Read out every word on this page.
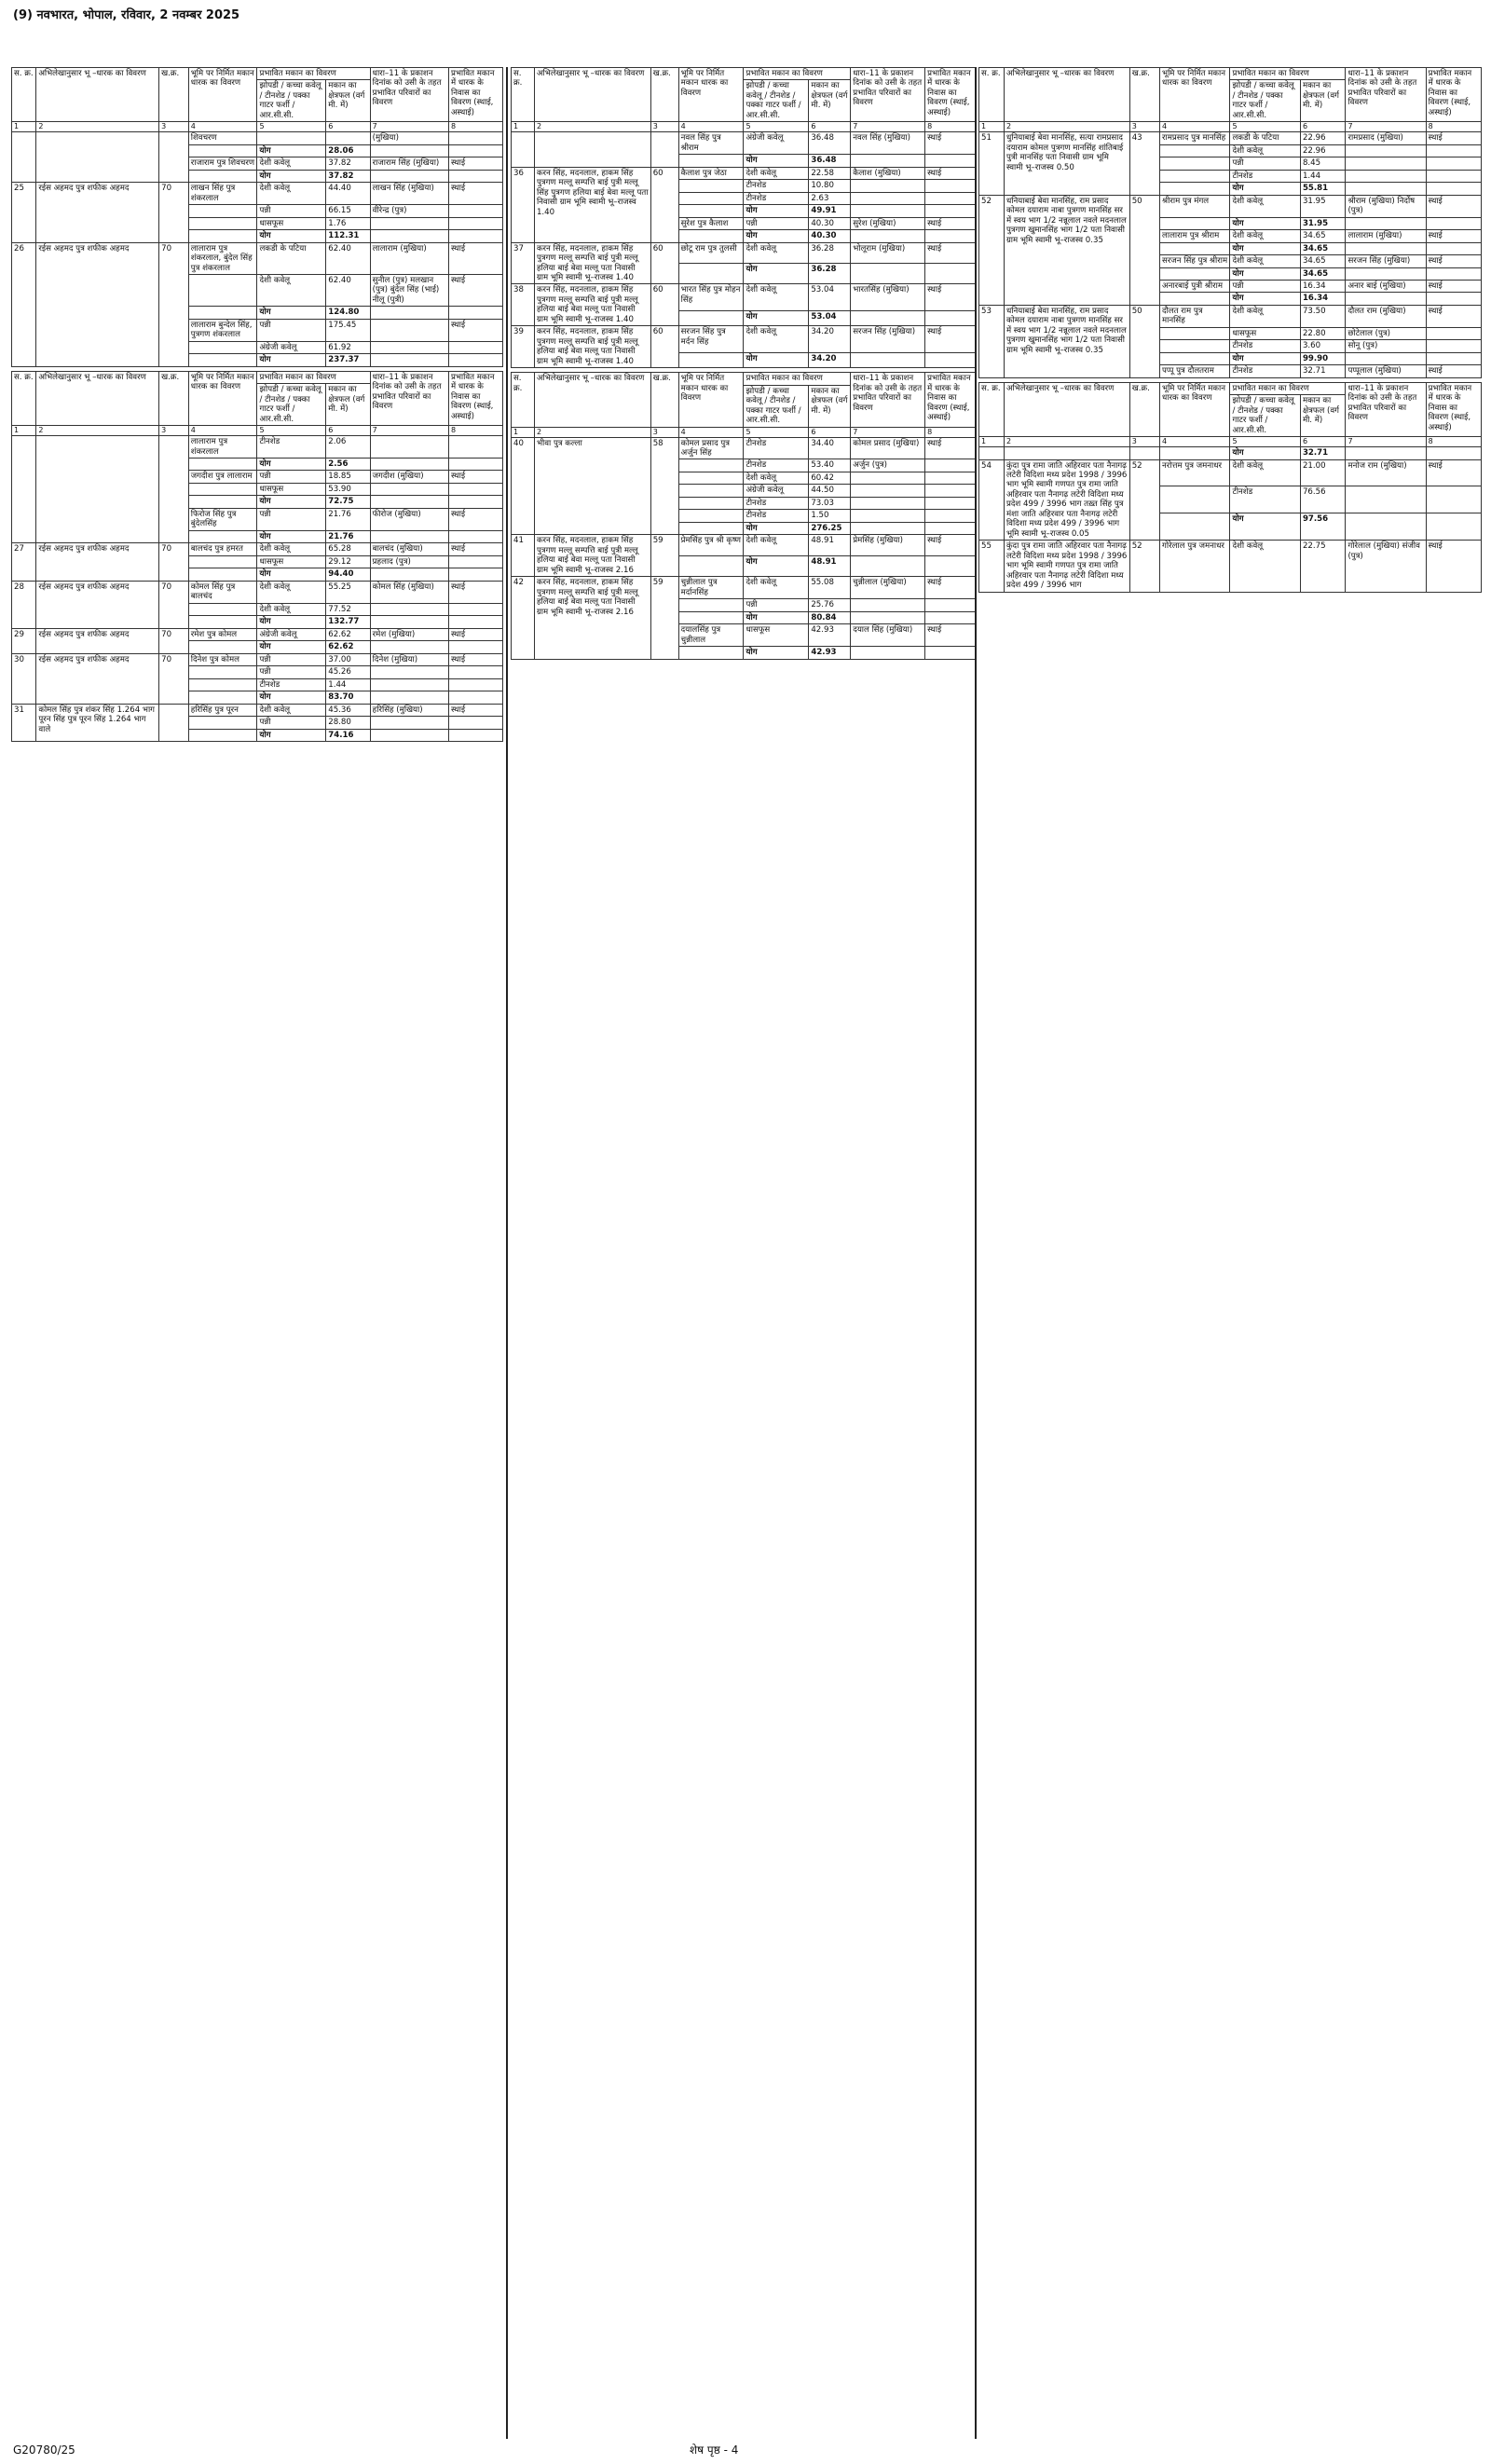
(9) नवभारत, भोपाल, रविवार, 2 नवम्बर 2025
स. क्र.	अभिलेखानुसार भू –धारक का विवरण	ख.क्र.	भूमि पर निर्मित मकान धारक का विवरण	प्रभावित मकान का विवरण		धारा–11 के प्रकाशन दिनांक को उसी के तहत प्रभावित परिवारों का विवरण	प्रभावित मकान में धारक के निवास का विवरण (स्थाई, अस्थाई)
				झोपडी / कच्चा कवेलू / टीनशेड / पक्का गाटर फर्शी / आर.सी.सी.	मकान का क्षेत्रफल (वर्ग मी. में)		
1	2	3	4	5	6	7	8
			शिवचरण			(मुखिया)	
				योग	28.06		
			राजाराम पुत्र शिवचरण	देशी कवेलू	37.82	राजाराम सिंह (मुखिया)	स्थाई
				योग	37.82		
25	रईस अहमद पुत्र शफीक अहमद	70	लाखन सिंह पुत्र शंकरलाल	देशी कवेलू	44.40	लाखन सिंह (मुखिया)	स्थाई
				पन्नी	66.15	वीरेन्द्र (पुत्र)	
				धासफूस	1.76		
				योग	112.31		
26	रईस अहमद पुत्र शफीक अहमद	70	लालाराम पुत्र शंकरलाल, बुंदेल सिंह पुत्र शंकरलाल	लकडी के पटिया	62.40	लालाराम (मुखिया)	स्थाई
				देशी कवेलू	62.40	सुनील (पुत्र) मलखान (पुत्र) बुंदेल सिंह (भाई) नीलू (पुत्री)	स्थाई
				योग	124.80		
			लालाराम बुन्देल सिंह, पुत्रगण शंकरलाल	पन्नी	175.45		स्थाई
				अंग्रेजी कवेलू	61.92		
				योग	237.37		
स. क्र.	अभिलेखानुसार भू –धारक का विवरण	ख.क्र.	भूमि पर निर्मित मकान धारक का विवरण	प्रभावित मकान का विवरण		धारा–11 के प्रकाशन दिनांक को उसी के तहत प्रभावित परिवारों का विवरण	प्रभावित मकान में धारक के निवास का विवरण (स्थाई, अस्थाई)
				झोपडी / कच्चा कवेलू / टीनशेड / पक्का गाटर फर्शी / आर.सी.सी.	मकान का क्षेत्रफल (वर्ग मी. में)		
1	2	3	4	5	6	7	8
			लालाराम पुत्र शंकरलाल	टीनशेड	2.06		
				योग	2.56		
			जगदीश पुत्र लालाराम	पन्नी	18.85	जगदीश (मुखिया)	स्थाई
				धासफूस	53.90		
				योग	72.75		
			फिरोज सिंह पुत्र बुंदेलसिंह	पन्नी	21.76	फीरोज (मुखिया)	स्थाई
				योग	21.76		
27	रईस अहमद पुत्र शफीक अहमद	70	बालचंद पुत्र हमरत	देशी कवेलू	65.28	बालचंद (मुखिया)	स्थाई
				धासफूस	29.12	प्रहलाद (पुत्र)	
				योग	94.40		
28	रईस अहमद पुत्र शफीक अहमद	70	कोमल सिंह पुत्र बालचंद	देशी कवेलू	55.25	कोमल सिंह (मुखिया)	स्थाई
				देशी कवेलू	77.52		
				योग	132.77		
29	रईस अहमद पुत्र शफीक अहमद	70	रमेश पुत्र कोमल	अंग्रेजी कवेलू	62.62	रमेश (मुखिया)	स्थाई
				योग	62.62		
30	रईस अहमद पुत्र शफीक अहमद	70	दिनेश पुत्र कोमल	पन्नी	37.00	दिनेश (मुखिया)	स्थाई
				पन्नी	45.26		
				टीनशेड	1.44		
				योग	83.70		
31	कोमल सिंह पुत्र शंकर सिंह 1.264 भाग पूरन सिंह पुत्र पूरन सिंह 1.264 भाग वाले		हरिसिंह पुत्र पूरन	देशी कवेलू	45.36	हरिसिंह (मुखिया)	स्थाई
				पन्नी	28.80		
				योग	74.16		
स. क्र.	अभिलेखानुसार भू –धारक का विवरण	ख.क्र.	भूमि पर निर्मित मकान धारक का विवरण	प्रभावित मकान का विवरण		धारा–11 के प्रकाशन दिनांक को उसी के तहत प्रभावित परिवारों का विवरण	प्रभावित मकान में धारक के निवास का विवरण (स्थाई, अस्थाई)
				झोपडी / कच्चा कवेलू / टीनशेड / पक्का गाटर फर्शी / आर.सी.सी.	मकान का क्षेत्रफल (वर्ग मी. में)		
1	2	3	4	5	6	7	8
			नवल सिंह पुत्र श्रीराम	अंग्रेजी कवेलू	36.48	नवल सिंह (मुखिया)	स्थाई
				योग	36.48		
36	करन सिंह, मदनलाल, हाकम सिंह पुत्रगण मल्लू सम्पत्ति बाई पुत्री मल्लू सिंह पुत्रगण हलिया बाई बेवा मल्लू पता निवासी ग्राम भूमि स्वामी भू–राजस्व 1.40	60	कैलाश पुत्र जेठा	देशी कवेलू	22.58	कैलाश (मुखिया)	स्थाई
				टीनशेड	10.80		
				टीनशेड	2.63		
				योग	49.91		
			सुरेश पुत्र कैलाश	पन्नी	40.30	सुरेश (मुखिया)	स्थाई
				योग	40.30		
37	करन सिंह, मदनलाल, हाकम सिंह पुत्रगण मल्लू सम्पत्ति बाई पुत्री मल्लू हलिया बाई बेवा मल्लू पता निवासी ग्राम भूमि स्वामी भू–राजस्व 1.40	60	छोटू राम पुत्र तुलसी	देशी कवेलू	36.28	भोलूराम (मुखिया)	स्थाई
				योग	36.28		
38	करन सिंह, मदनलाल, हाकम सिंह पुत्रगण मल्लू सम्पत्ति बाई पुत्री मल्लू हलिया बाई बेवा मल्लू पता निवासी ग्राम भूमि स्वामी भू–राजस्व 1.40	60	भारत सिंह पुत्र मोहन सिंह	देशी कवेलू	53.04	भारतसिंह (मुखिया)	स्थाई
				योग	53.04		
39	करन सिंह, मदनलाल, हाकम सिंह पुत्रगण मल्लू सम्पत्ति बाई पुत्री मल्लू हलिया बाई बेवा मल्लू पता निवासी ग्राम भूमि स्वामी भू–राजस्व 1.40	60	सरजन सिंह पुत्र मर्दन सिंह	देशी कवेलू	34.20	सरजन सिंह (मुखिया)	स्थाई
				योग	34.20		
स. क्र.	अभिलेखानुसार भू –धारक का विवरण	ख.क्र.	भूमि पर निर्मित मकान धारक का विवरण	प्रभावित मकान का विवरण		धारा–11 के प्रकाशन दिनांक को उसी के तहत प्रभावित परिवारों का विवरण	प्रभावित मकान में धारक के निवास का विवरण (स्थाई, अस्थाई)
				झोपडी / कच्चा कवेलू / टीनशेड / पक्का गाटर फर्शी / आर.सी.सी.	मकान का क्षेत्रफल (वर्ग मी. में)		
1	2	3	4	5	6	7	8
40	भीवा पुत्र कल्ला	58	कोमल प्रसाद पुत्र अर्जुन सिंह	टीनशेड	34.40	कोमल प्रसाद (मुखिया)	स्थाई
				टीनशेड	53.40	अर्जुन (पुत्र)	
				देशी कवेलू	60.42		
				अंग्रेजी कवेलू	44.50		
				टीनशेड	73.03		
				टीनशेड	1.50		
				योग	276.25		
41	करन सिंह, मदनलाल, हाकम सिंह पुत्रगण मल्लू सम्पत्ति बाई पुत्री मल्लू हलिया बाई बेवा मल्लू पता निवासी ग्राम भूमि स्वामी भू–राजस्व 2.16	59	प्रेमसिंह पुत्र श्री कृष्ण	देशी कवेलू	48.91	प्रेमसिंह (मुखिया)	स्थाई
				योग	48.91		
42	करन सिंह, मदनलाल, हाकम सिंह पुत्रगण मल्लू सम्पत्ति बाई पुत्री मल्लू हलिया बाई बेवा मल्लू पता निवासी ग्राम भूमि स्वामी भू–राजस्व 2.16	59	चुन्नीलाल पुत्र मर्दानसिंह	देशी कवेलू	55.08	चुन्नीलाल (मुखिया)	स्थाई
				पन्नी	25.76		
				योग	80.84		
			दयालसिंह पुत्र चुन्नीलाल	धासफूस	42.93	दयाल सिंह (मुखिया)	स्थाई
				योग	42.93		
स. क्र.	अभिलेखानुसार भू –धारक का विवरण	ख.क्र.	भूमि पर निर्मित मकान धारक का विवरण	प्रभावित मकान का विवरण		धारा–11 के प्रकाशन दिनांक को उसी के तहत प्रभावित परिवारों का विवरण	प्रभावित मकान में धारक के निवास का विवरण (स्थाई, अस्थाई)
				झोपडी / कच्चा कवेलू / टीनशेड / पक्का गाटर फर्शी / आर.सी.सी.	मकान का क्षेत्रफल (वर्ग मी. में)		
1	2	3	4	5	6	7	8
51	धुनियाबाई बेवा मानसिंह, सत्या रामप्रसाद दयाराम कोमल पुत्रगण मानसिंह शांतिबाई पुत्री मानसिंह पता निवासी ग्राम भूमि स्वामी भू–राजस्व 0.50	43	रामप्रसाद पुत्र मानसिंह	लकडी के पटिया	22.96	रामप्रसाद (मुखिया)	स्थाई
				देशी कवेलू	22.96		
				पन्नी	8.45		
				टीनशेड	1.44		
				योग	55.81		
52	धनियाबाई बेवा मानसिंह, राम प्रसाद कोमल दयाराम नाबा पुत्रगण मानसिंह सर में स्वय भाग 1/2 नन्नूलाल नवले मदनलाल पुत्रगण खुमानसिंह भाग 1/2 पता निवासी ग्राम भूमि स्वामी भू–राजस्व 0.35	50	श्रीराम पुत्र मंगल	देशी कवेलू	31.95	श्रीराम (मुखिया) निर्दोष (पुत्र)	स्थाई
				योग	31.95		
			लालाराम पुत्र श्रीराम	देशी कवेलू	34.65	लालाराम (मुखिया)	स्थाई
				योग	34.65		
			सरजन सिंह पुत्र श्रीराम	देशी कवेलू	34.65	सरजन सिंह (मुखिया)	स्थाई
				योग	34.65		
			अनारबाई पुत्री श्रीराम	पन्नी	16.34	अनार बाई (मुखिया)	स्थाई
				योग	16.34		
53	धनियाबाई बेवा मानसिंह, राम प्रसाद कोमल दयाराम नाबा पुत्रगण मानसिंह सर में स्वय भाग 1/2 नन्नूलाल नवले मदनलाल पुत्रगण खुमानसिंह भाग 1/2 पता निवासी ग्राम भूमि स्वामी भू–राजस्व 0.35	50	दौलत राम पुत्र मानसिंह	देशी कवेलू	73.50	दौलत राम (मुखिया)	स्थाई
				धासफूस	22.80	छोटेलाल (पुत्र)	
				टीनशेड	3.60	सोनू (पुत्र)	
				योग	99.90		
			पप्पू पुत्र दौलतराम	टीनशेड	32.71	पप्पूलाल (मुखिया)	स्थाई
स. क्र.	अभिलेखानुसार भू –धारक का विवरण	ख.क्र.	भूमि पर निर्मित मकान धारक का विवरण	प्रभावित मकान का विवरण		धारा–11 के प्रकाशन दिनांक को उसी के तहत प्रभावित परिवारों का विवरण	प्रभावित मकान में धारक के निवास का विवरण (स्थाई, अस्थाई)
				झोपडी / कच्चा कवेलू / टीनशेड / पक्का गाटर फर्शी / आर.सी.सी.	मकान का क्षेत्रफल (वर्ग मी. में)		
1	2	3	4	5	6	7	8
				योग	32.71		
54	कुंदा पुत्र रामा जाति अहिरवार पता नैनागढ़ लटेरी विदिशा मध्य प्रदेश 1998 / 3996 भाग भूमि स्वामी गणपत पुत्र रामा जाति अहिरवार पता नैनागढ़ लटेरी विदिशा मध्य प्रदेश 499 / 3996 भाग तख़्त सिंह पुत्र मंशा जाति अहिरवार पता नैनागढ़ लटेरी विदिशा मध्य प्रदेश 499 / 3996 भाग भूमि स्वामी भू–राजस्व 0.05	52	नरोत्तम पुत्र जमनाधर	देशी कवेलू	21.00	मनोज राम (मुखिया)	स्थाई
				टीनशेड	76.56		
				योग	97.56		
55	कुंदा पुत्र रामा जाति अहिरवार पता नैनागढ़ लटेरी विदिशा मध्य प्रदेश 1998 / 3996 भाग भूमि स्वामी गणपत पुत्र रामा जाति अहिरवार पता नैनागढ़ लटेरी विदिशा मध्य प्रदेश 499 / 3996 भाग	52	गोरेलाल पुत्र जमनाधर	देशी कवेलू	22.75	गोरेलाल (मुखिया) संजीव (पुत्र)	स्थाई
G20780/25	शेष पृष्ठ - 4
